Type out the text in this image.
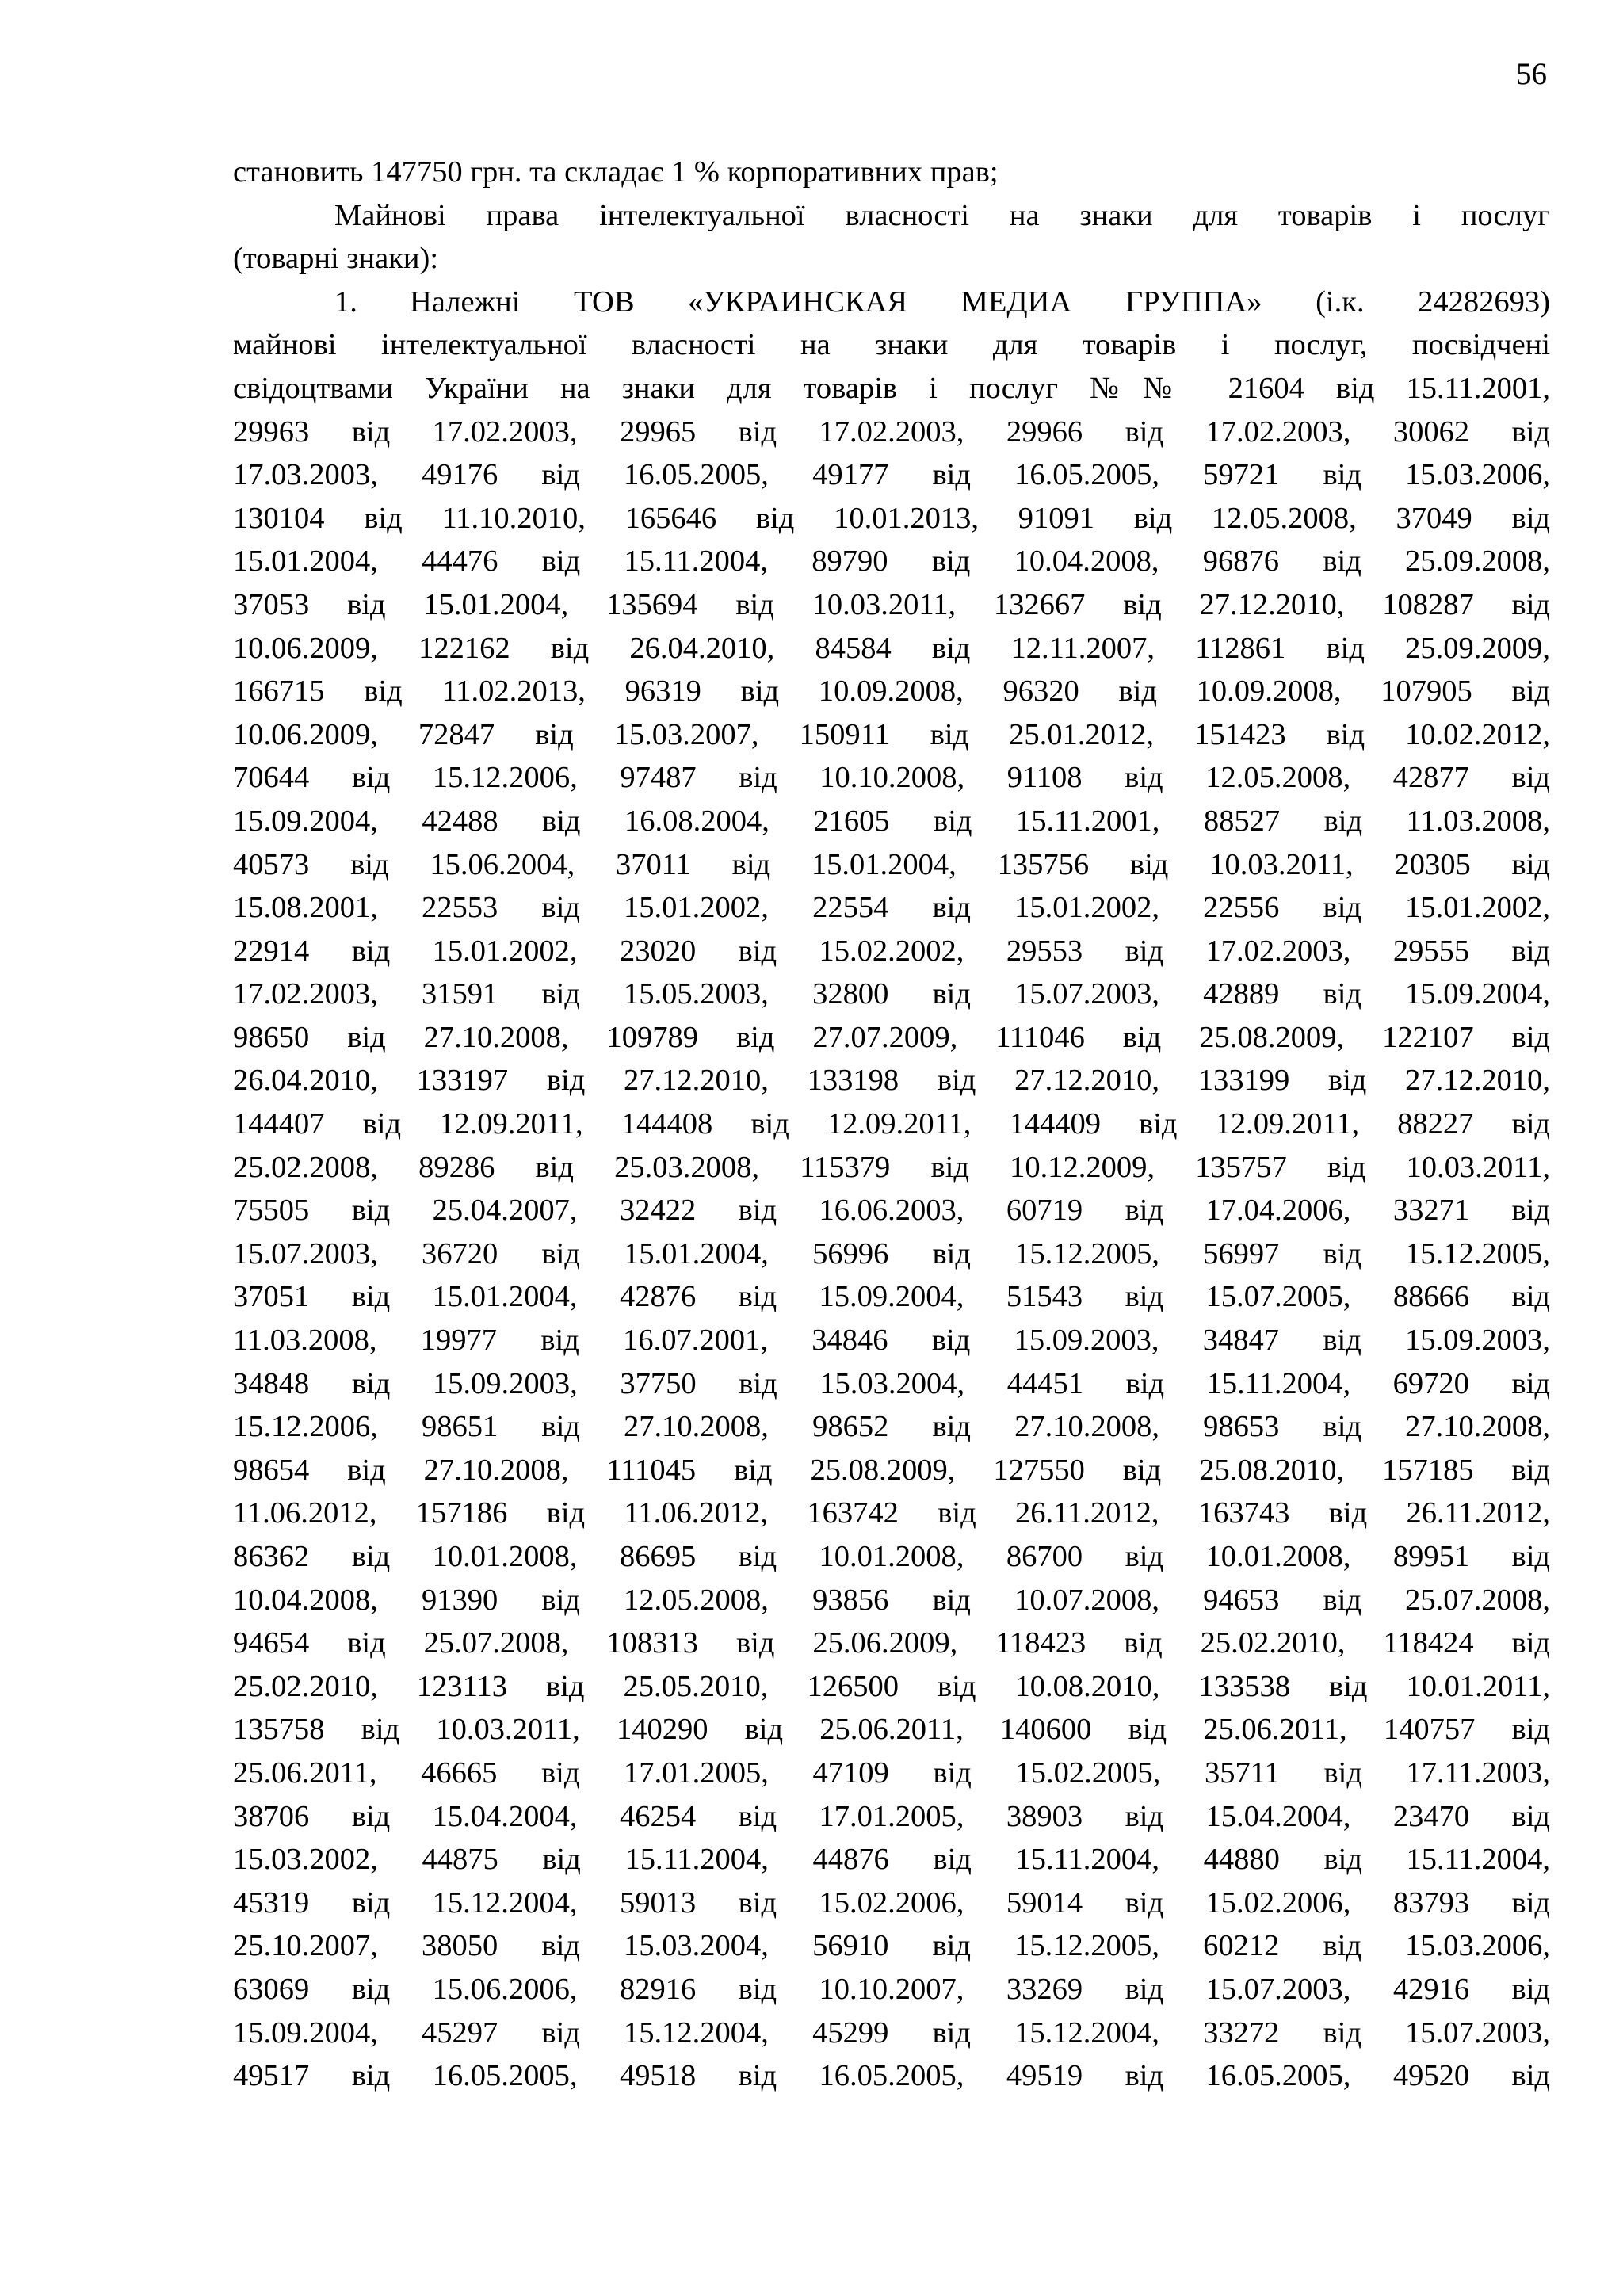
56
становить 147750 грн. та складає 1 % корпоративних прав;
Майнові права інтелектуальної власності на знаки для товарів і послуг
(товарні знаки):
1. Належні ТОВ «УКРАИНСКАЯ МЕДИА ГРУППА» (і.к. 24282693)
майнові інтелектуальної власності на знаки для товарів і послуг, посвідчені
свідоцтвами України на знаки для товарів і послуг №№ 21604 від 15.11.2001,
29963 від 17.02.2003, 29965 від 17.02.2003, 29966 від 17.02.2003, 30062 від
17.03.2003, 49176 від 16.05.2005, 49177 від 16.05.2005, 59721 від 15.03.2006,
130104 від 11.10.2010, 165646 від 10.01.2013, 91091 від 12.05.2008, 37049 від
15.01.2004, 44476 від 15.11.2004, 89790 від 10.04.2008, 96876 від 25.09.2008,
37053 від 15.01.2004, 135694 від 10.03.2011, 132667 від 27.12.2010, 108287 від
10.06.2009, 122162 від 26.04.2010, 84584 від 12.11.2007, 112861 від 25.09.2009,
166715 від 11.02.2013, 96319 від 10.09.2008, 96320 від 10.09.2008, 107905 від
10.06.2009, 72847 від 15.03.2007, 150911 від 25.01.2012, 151423 від 10.02.2012,
70644 від 15.12.2006, 97487 від 10.10.2008, 91108 від 12.05.2008, 42877 від
15.09.2004, 42488 від 16.08.2004, 21605 від 15.11.2001, 88527 від 11.03.2008,
40573 від 15.06.2004, 37011 від 15.01.2004, 135756 від 10.03.2011, 20305 від
15.08.2001, 22553 від 15.01.2002, 22554 від 15.01.2002, 22556 від 15.01.2002,
22914 від 15.01.2002, 23020 від 15.02.2002, 29553 від 17.02.2003, 29555 від
17.02.2003, 31591 від 15.05.2003, 32800 від 15.07.2003, 42889 від 15.09.2004,
98650 від 27.10.2008, 109789 від 27.07.2009, 111046 від 25.08.2009, 122107 від
26.04.2010, 133197 від 27.12.2010, 133198 від 27.12.2010, 133199 від 27.12.2010,
144407 від 12.09.2011, 144408 від 12.09.2011, 144409 від 12.09.2011, 88227 від
25.02.2008, 89286 від 25.03.2008, 115379 від 10.12.2009, 135757 від 10.03.2011,
75505 від 25.04.2007, 32422 від 16.06.2003, 60719 від 17.04.2006, 33271 від
15.07.2003, 36720 від 15.01.2004, 56996 від 15.12.2005, 56997 від 15.12.2005,
37051 від 15.01.2004, 42876 від 15.09.2004, 51543 від 15.07.2005, 88666 від
11.03.2008, 19977 від 16.07.2001, 34846 від 15.09.2003, 34847 від 15.09.2003,
34848 від 15.09.2003, 37750 від 15.03.2004, 44451 від 15.11.2004, 69720 від
15.12.2006, 98651 від 27.10.2008, 98652 від 27.10.2008, 98653 від 27.10.2008,
98654 від 27.10.2008, 111045 від 25.08.2009, 127550 від 25.08.2010, 157185 від
11.06.2012, 157186 від 11.06.2012, 163742 від 26.11.2012, 163743 від 26.11.2012,
86362 від 10.01.2008, 86695 від 10.01.2008, 86700 від 10.01.2008, 89951 від
10.04.2008, 91390 від 12.05.2008, 93856 від 10.07.2008, 94653 від 25.07.2008,
94654 від 25.07.2008, 108313 від 25.06.2009, 118423 від 25.02.2010, 118424 від
25.02.2010, 123113 від 25.05.2010, 126500 від 10.08.2010, 133538 від 10.01.2011,
135758 від 10.03.2011, 140290 від 25.06.2011, 140600 від 25.06.2011, 140757 від
25.06.2011, 46665 від 17.01.2005, 47109 від 15.02.2005, 35711 від 17.11.2003,
38706 від 15.04.2004, 46254 від 17.01.2005, 38903 від 15.04.2004, 23470 від
15.03.2002, 44875 від 15.11.2004, 44876 від 15.11.2004, 44880 від 15.11.2004,
45319 від 15.12.2004, 59013 від 15.02.2006, 59014 від 15.02.2006, 83793 від
25.10.2007, 38050 від 15.03.2004, 56910 від 15.12.2005, 60212 від 15.03.2006,
63069 від 15.06.2006, 82916 від 10.10.2007, 33269 від 15.07.2003, 42916 від
15.09.2004, 45297 від 15.12.2004, 45299 від 15.12.2004, 33272 від 15.07.2003,
49517 від 16.05.2005, 49518 від 16.05.2005, 49519 від 16.05.2005, 49520 від
